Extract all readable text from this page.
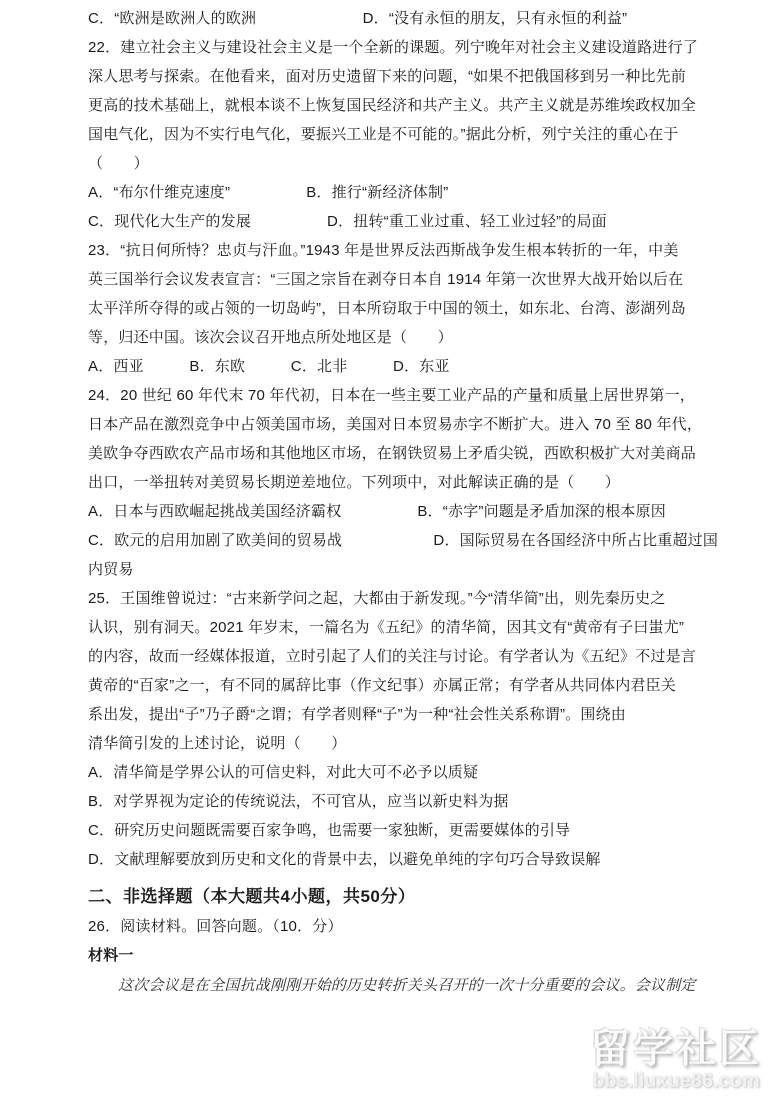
C．“欧洲是欧洲人的欧洲　　　　　　　D．“没有永恒的朋友，只有永恒的利益”
22．建立社会主义与建设社会主义是一个全新的课题。列宁晚年对社会主义建设道路进行了
深人思考与探索。在他看来，面对历史遗留下来的问题，“如果不把俄国移到另一种比先前
更高的技术基础上，就根本谈不上恢复国民经济和共产主义。共产主义就是苏维埃政权加全
国电气化，因为不实行电气化，要振兴工业是不可能的。”据此分析，列宁关注的重心在于
（　　）
A．“布尔什维克速度”　　　　　B．推行“新经济体制”
C．现代化大生产的发展　　　　　D．扭转“重工业过重、轻工业过轻”的局面
23．“抗日何所恃？忠贞与汗血。”1943 年是世界反法西斯战争发生根本转折的一年，中美
英三国举行会议发表宣言：“三国之宗旨在剥夺日本自 1914 年第一次世界大战开始以后在
太平洋所夺得的或占领的一切岛屿”，日本所窃取于中国的领土，如东北、台湾、澎湖列岛
等，归还中国。该次会议召开地点所处地区是（　　）
A．西亚　　　B．东欧　　　C．北非　　　D．东亚
24．20 世纪 60 年代末 70 年代初，日本在一些主要工业产品的产量和质量上居世界第一，
日本产品在激烈竞争中占领美国市场，美国对日本贸易赤字不断扩大。进入 70 至 80 年代，
美欧争夺西欧农产品市场和其他地区市场，在钢铁贸易上矛盾尖锐，西欧积极扩大对美商品
出口，一举扭转对美贸易长期逆差地位。下列项中，对此解读正确的是（　　）
A．日本与西欧崛起挑战美国经济霸权　　　　　B．“赤字”问题是矛盾加深的根本原因
C．欧元的启用加剧了欧美间的贸易战　　　　　　D．国际贸易在各国经济中所占比重超过国
内贸易
25．王国维曾说过：“古来新学问之起，大都由于新发现。”今“清华简”出，则先秦历史之
认识，别有洞天。2021 年岁末，一篇名为《五纪》的清华简，因其文有“黄帝有子曰蚩尤”
的内容，故而一经媒体报道，立时引起了人们的关注与讨论。有学者认为《五纪》不过是言
黄帝的“百家”之一，有不同的属辞比事（作文纪事）亦属正常；有学者从共同体内君臣关
系出发，提出“子”乃子爵“之谓；有学者则释“子”为一种“社会性关系称谓”。围绕由
清华简引发的上述讨论，说明（　　）
A．清华简是学界公认的可信史料，对此大可不必予以质疑
B．对学界视为定论的传统说法，不可官从，应当以新史料为据
C．研究历史问题既需要百家争鸣，也需要一家独断，更需要媒体的引导
D．文献理解要放到历史和文化的背景中去，以避免单纯的字句巧合导致误解
二、非选择题（本大题共4小题，共50分）
26．阅读材料。回答向题。（10．分）
材料一
这次会议是在全国抗战刚刚开始的历史转折关头召开的一次十分重要的会议。会议制定
留学社区
bbs.liuxue86.com
